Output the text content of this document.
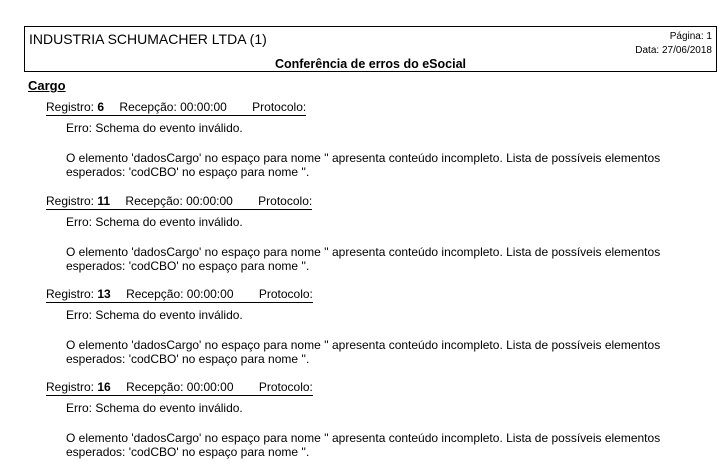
INDUSTRIA SCHUMACHER LTDA (1)	Página: 1
Data: 27/06/2018
Conferência de erros do eSocial
Cargo
Registro: 6 Recepção: 00:00:00 Protocolo:
Erro: Schema do evento inválido.
O elemento 'dadosCargo' no espaço para nome '' apresenta conteúdo incompleto. Lista de possíveis elementos esperados: 'codCBO' no espaço para nome ''.
Registro: 11 Recepção: 00:00:00 Protocolo:
Erro: Schema do evento inválido.
O elemento 'dadosCargo' no espaço para nome '' apresenta conteúdo incompleto. Lista de possíveis elementos esperados: 'codCBO' no espaço para nome ''.
Registro: 13 Recepção: 00:00:00 Protocolo:
Erro: Schema do evento inválido.
O elemento 'dadosCargo' no espaço para nome '' apresenta conteúdo incompleto. Lista de possíveis elementos esperados: 'codCBO' no espaço para nome ''.
Registro: 16 Recepção: 00:00:00 Protocolo:
Erro: Schema do evento inválido.
O elemento 'dadosCargo' no espaço para nome '' apresenta conteúdo incompleto. Lista de possíveis elementos esperados: 'codCBO' no espaço para nome ''.
